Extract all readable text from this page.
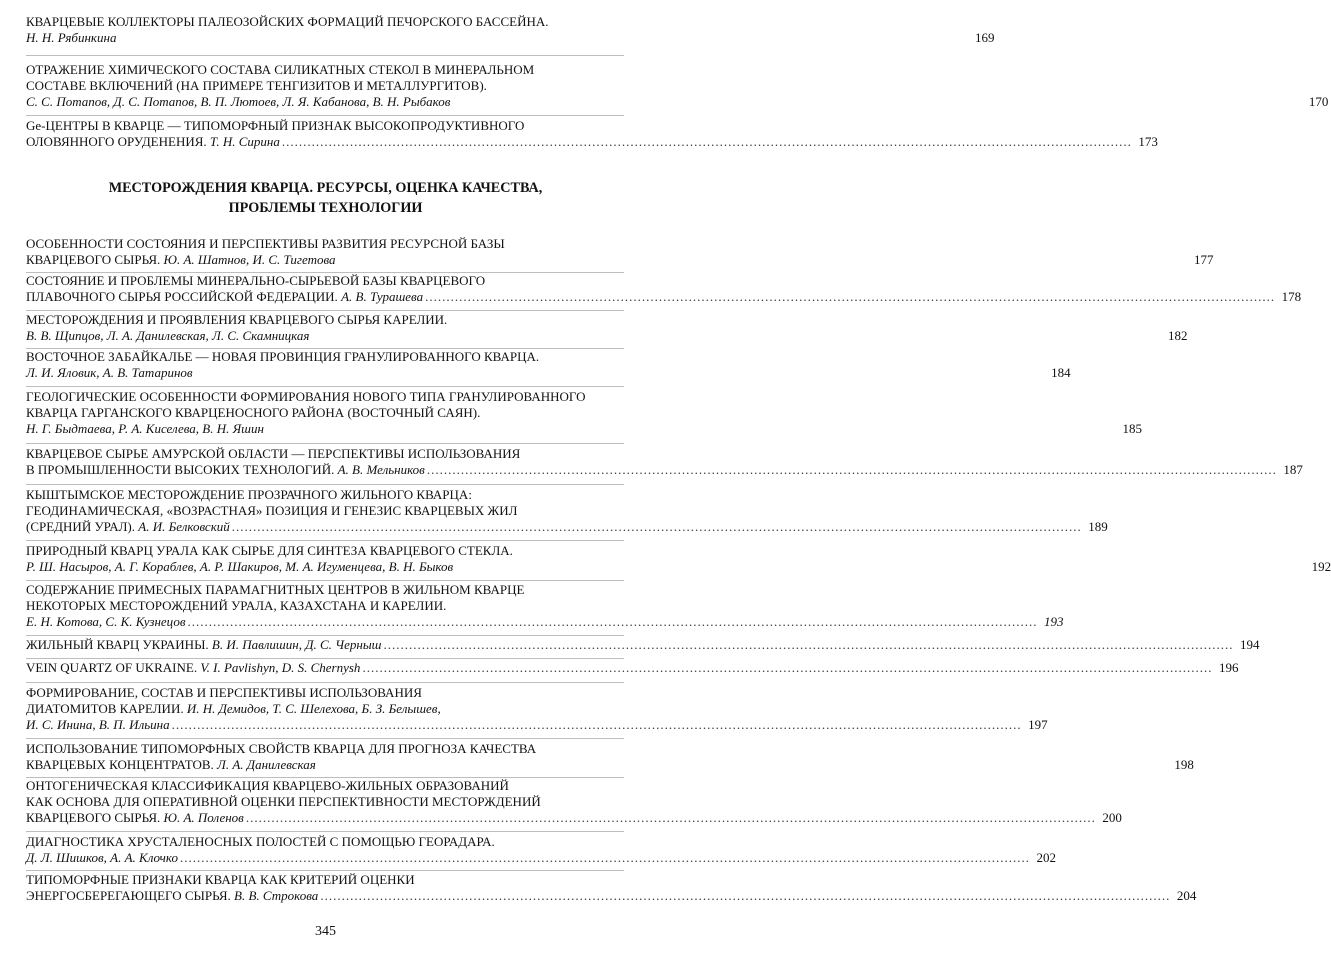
МЕСТОРОЖДЕНИЯ КВАРЦА. РЕСУРСЫ, ОЦЕНКА КАЧЕСТВА,
ПРОБЛЕМЫ ТЕХНОЛОГИИ
КВАРЦЕВЫЕ КОЛЛЕКТОРЫ ПАЛЕОЗОЙСКИХ ФОРМАЦИЙ ПЕЧОРСКОГО БАССЕЙНА.
Н. Н. Рябинкина	169
ОТРАЖЕНИЕ ХИМИЧЕСКОГО СОСТАВА СИЛИКАТНЫХ СТЕКОЛ В МИНЕРАЛЬНОМ
СОСТАВЕ ВКЛЮЧЕНИЙ (НА ПРИМЕРЕ ТЕНГИЗИТОВ И МЕТАЛЛУРГИТОВ).
С. С. Потапов, Д. С. Потапов, В. П. Лютоев, Л. Я. Кабанова, В. Н. Рыбаков	170
Ge-ЦЕНТРЫ В КВАРЦЕ — ТИПОМОРФНЫЙ ПРИЗНАК ВЫСОКОПРОДУКТИВНОГО
ОЛОВЯННОГО ОРУДЕНЕНИЯ. Т. Н. Сирина ........................................................................................................................................................................................................ 173
ОСОБЕННОСТИ СОСТОЯНИЯ И ПЕРСПЕКТИВЫ РАЗВИТИЯ РЕСУРСНОЙ БАЗЫ
КВАРЦЕВОГО СЫРЬЯ. Ю. А. Шатнов, И. С. Тигетова	177
СОСТОЯНИЕ И ПРОБЛЕМЫ МИНЕРАЛЬНО-СЫРЬЕВОЙ БАЗЫ КВАРЦЕВОГО
ПЛАВОЧНОГО СЫРЬЯ РОССИЙСКОЙ ФЕДЕРАЦИИ. А. В. Турашева ........................................................................................................................................................................................................ 178
МЕСТОРОЖДЕНИЯ И ПРОЯВЛЕНИЯ КВАРЦЕВОГО СЫРЬЯ КАРЕЛИИ.
В. В. Щипцов, Л. А. Данилевская, Л. С. Скамницкая	182
ВОСТОЧНОЕ ЗАБАЙКАЛЬЕ — НОВАЯ ПРОВИНЦИЯ ГРАНУЛИРОВАННОГО КВАРЦА.
Л. И. Яловик, А. В. Татаринов	184
ГЕОЛОГИЧЕСКИЕ ОСОБЕННОСТИ ФОРМИРОВАНИЯ НОВОГО ТИПА ГРАНУЛИРОВАННОГО
КВАРЦА ГАРГАНСКОГО КВАРЦЕНОСНОГО РАЙОНА (ВОСТОЧНЫЙ САЯН).
Н. Г. Быдтаева, Р. А. Киселева, В. Н. Яшин	185
КВАРЦЕВОЕ СЫРЬЕ АМУРСКОЙ ОБЛАСТИ — ПЕРСПЕКТИВЫ ИСПОЛЬЗОВАНИЯ
В ПРОМЫШЛЕННОСТИ ВЫСОКИХ ТЕХНОЛОГИЙ. А. В. Мельников ........................................................................................................................................................................................................ 187
КЫШТЫМСКОЕ МЕСТОРОЖДЕНИЕ ПРОЗРАЧНОГО ЖИЛЬНОГО КВАРЦА:
ГЕОДИНАМИЧЕСКАЯ, «ВОЗРАСТНАЯ» ПОЗИЦИЯ И ГЕНЕЗИС КВАРЦЕВЫХ ЖИЛ
(СРЕДНИЙ УРАЛ). А. И. Белковский ........................................................................................................................................................................................................ 189
ПРИРОДНЫЙ КВАРЦ УРАЛА КАК СЫРЬЕ ДЛЯ СИНТЕЗА КВАРЦЕВОГО СТЕКЛА.
Р. Ш. Насыров, А. Г. Кораблев, А. Р. Шакиров, М. А. Игуменцева, В. Н. Быков	192
СОДЕРЖАНИЕ ПРИМЕСНЫХ ПАРАМАГНИТНЫХ ЦЕНТРОВ В ЖИЛЬНОМ КВАРЦЕ
НЕКОТОРЫХ МЕСТОРОЖДЕНИЙ УРАЛА, КАЗАХСТАНА И КАРЕЛИИ.
Е. Н. Котова, С. К. Кузнецов ........................................................................................................................................................................................................ 193
ЖИЛЬНЫЙ КВАРЦ УКРАИНЫ. В. И. Павлишин, Д. С. Черныш ........................................................................................................................................................................................................ 194
VEIN QUARTZ OF UKRAINE. V. I. Pavlishyn, D. S. Chernysh ........................................................................................................................................................................................................ 196
ФОРМИРОВАНИЕ, СОСТАВ И ПЕРСПЕКТИВЫ ИСПОЛЬЗОВАНИЯ
ДИАТОМИТОВ КАРЕЛИИ. И. Н. Демидов, Т. С. Шелехова, Б. З. Белышев,
И. С. Инина, В. П. Ильина ........................................................................................................................................................................................................ 197
ИСПОЛЬЗОВАНИЕ ТИПОМОРФНЫХ СВОЙСТВ КВАРЦА ДЛЯ ПРОГНОЗА КАЧЕСТВА
КВАРЦЕВЫХ КОНЦЕНТРАТОВ. Л. А. Данилевская	198
ОНТОГЕНИЧЕСКАЯ КЛАССИФИКАЦИЯ КВАРЦЕВО-ЖИЛЬНЫХ ОБРАЗОВАНИЙ
КАК ОСНОВА ДЛЯ ОПЕРАТИВНОЙ ОЦЕНКИ ПЕРСПЕКТИВНОСТИ МЕСТОРЖДЕНИЙ
КВАРЦЕВОГО СЫРЬЯ. Ю. А. Поленов ........................................................................................................................................................................................................ 200
ДИАГНОСТИКА ХРУСТАЛЕНОСНЫХ ПОЛОСТЕЙ С ПОМОЩЬЮ ГЕОРАДАРА.
Д. Л. Шишков, А. А. Клочко ........................................................................................................................................................................................................ 202
ТИПОМОРФНЫЕ ПРИЗНАКИ КВАРЦА КАК КРИТЕРИЙ ОЦЕНКИ
ЭНЕРГОСБЕРЕГАЮЩЕГО СЫРЬЯ. В. В. Строкова ........................................................................................................................................................................................................ 204
345
